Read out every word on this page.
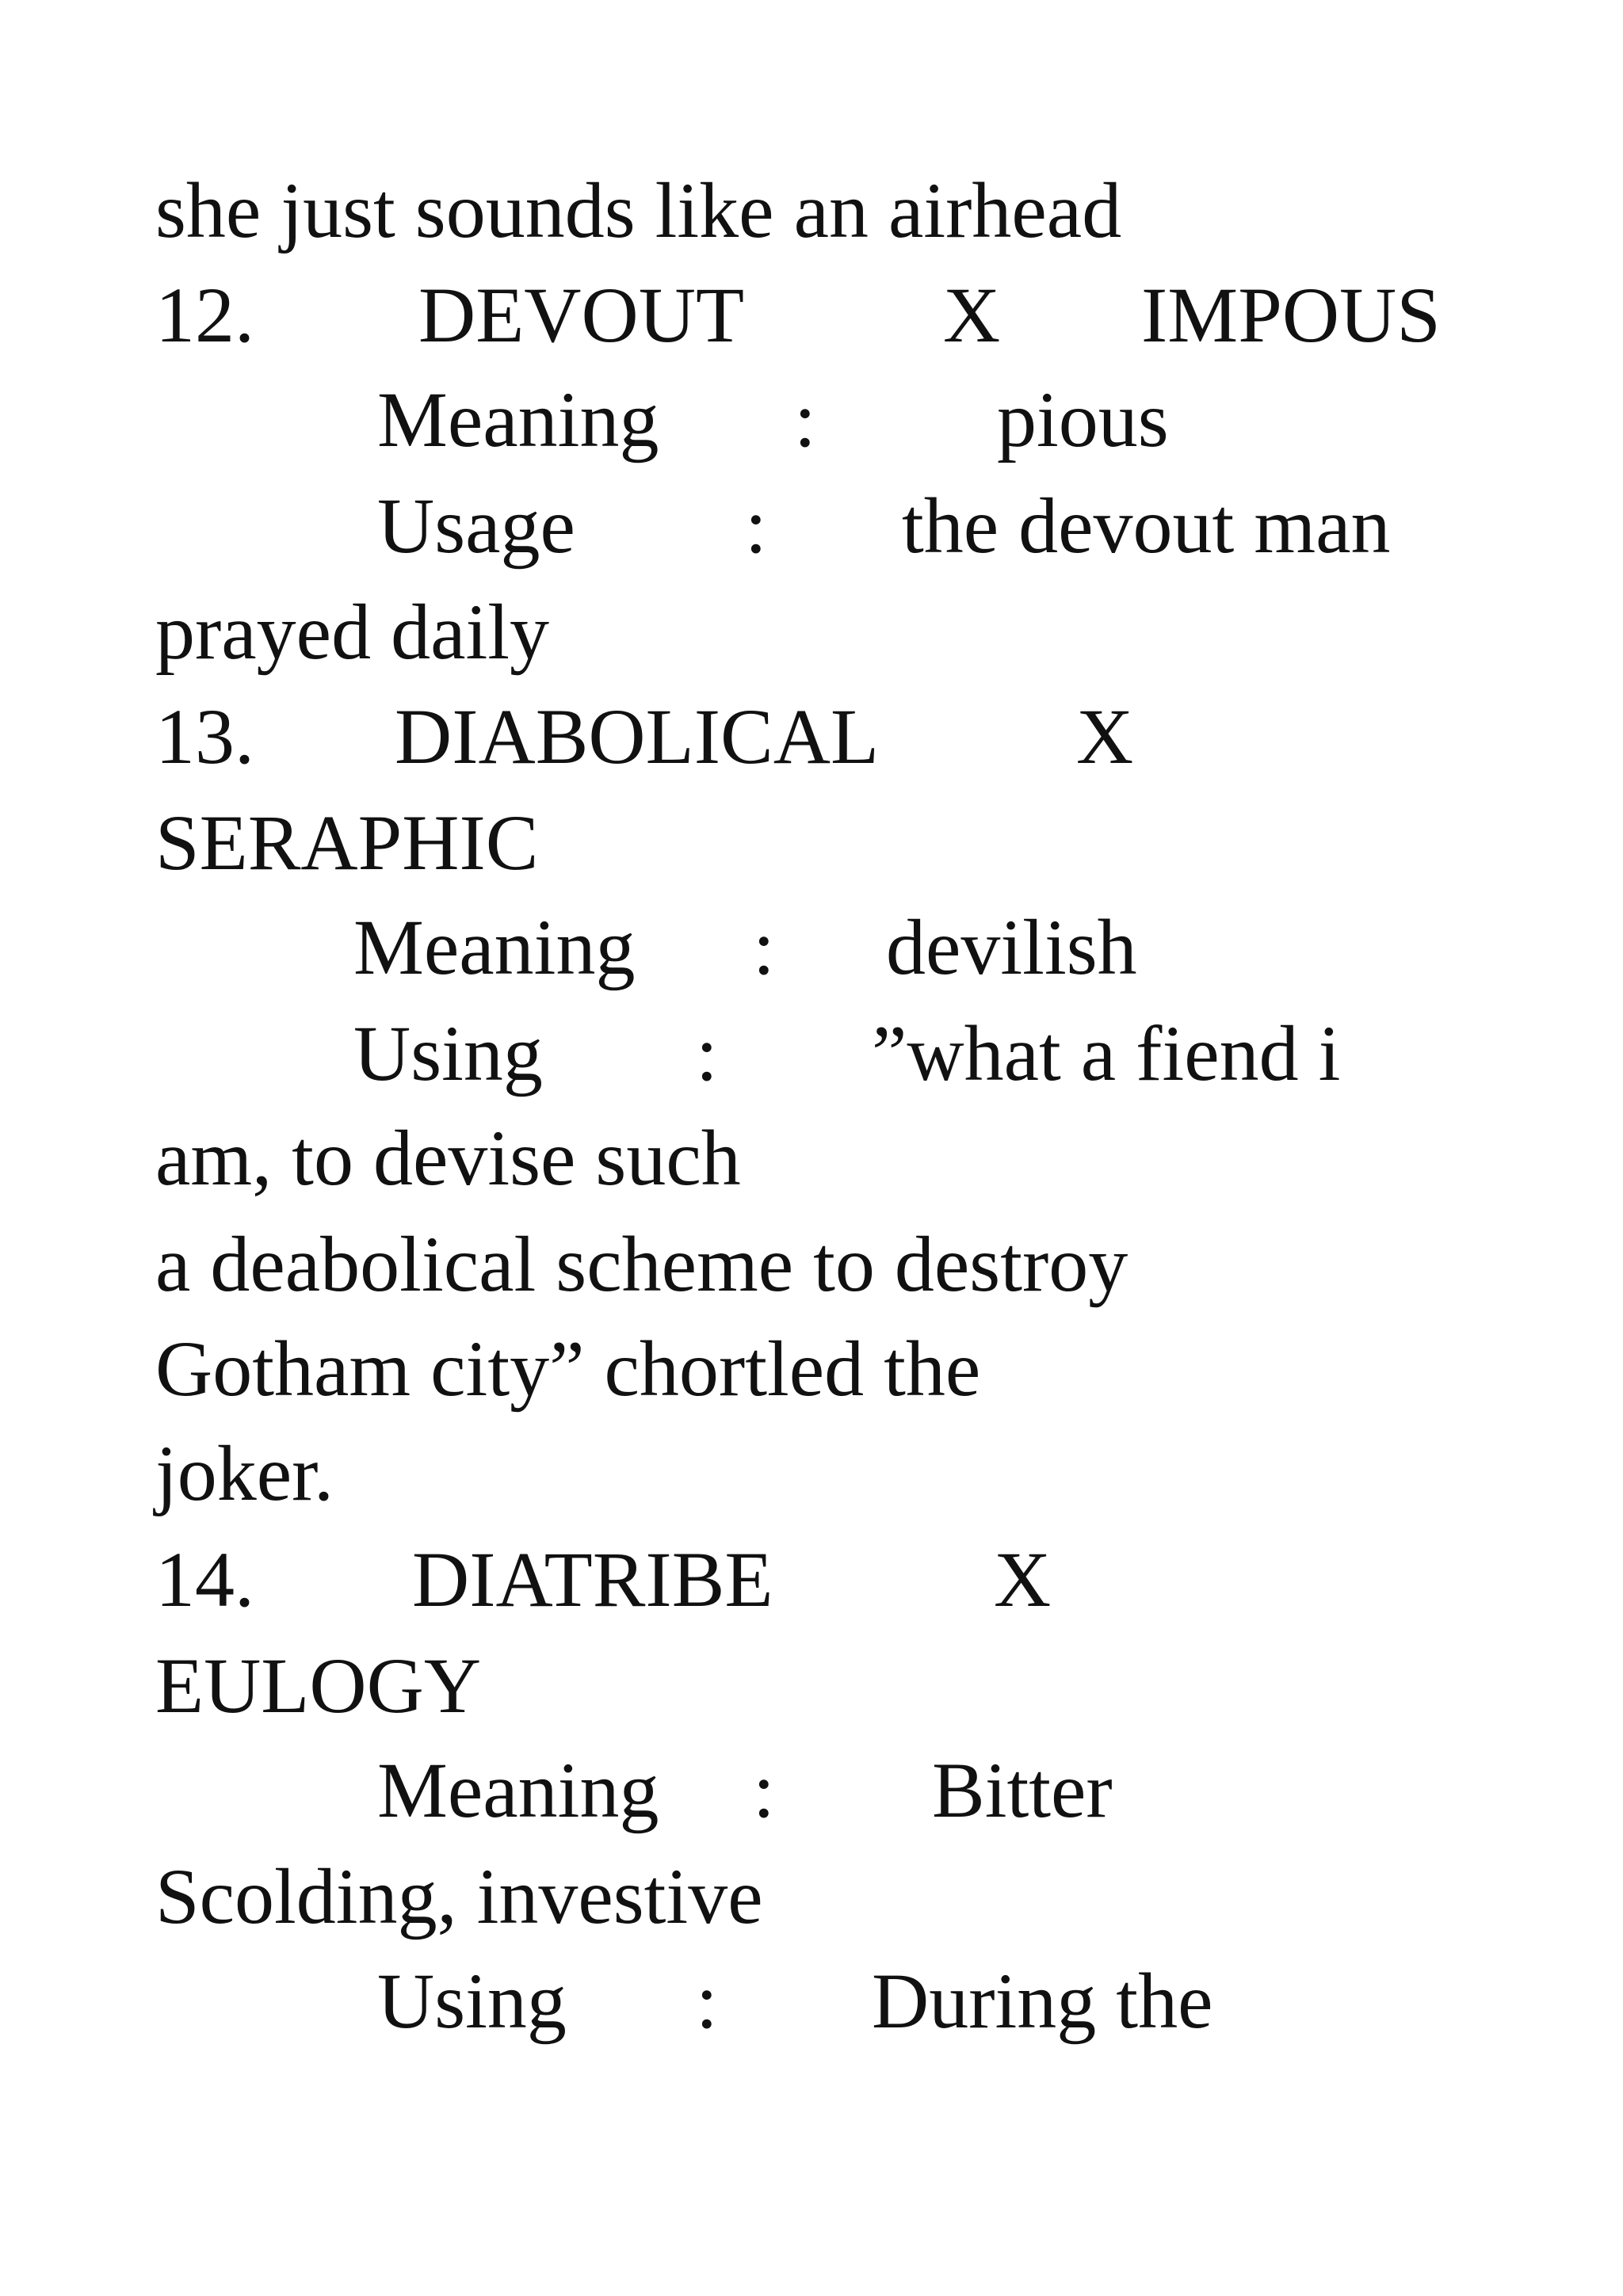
she just sounds like an airhead
12. DEVOUT	X IMPOUS
Meaning : pious
Usage : the devout man
prayed daily
13. DIABOLICAL X
SERAPHIC
Meaning : devilish
Using : ”what a fiend i
am, to devise such
a deabolical scheme to destroy
Gotham city” chortled the
joker.
14. DIATRIBE	X
EULOGY
Meaning : Bitter
Scolding, investive
Using : During the
